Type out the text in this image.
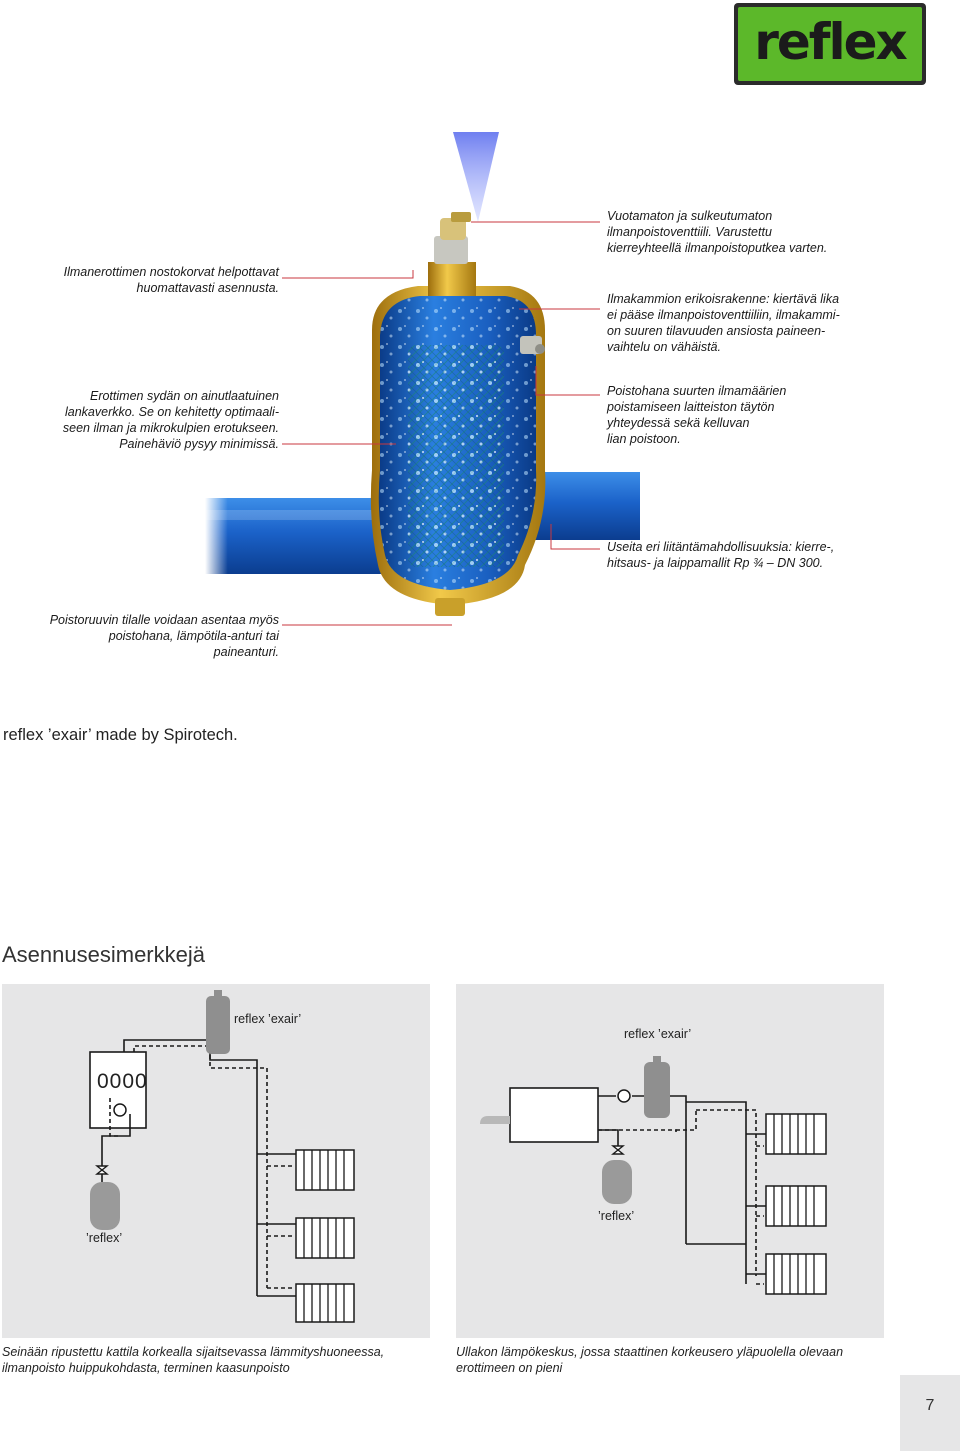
reflex

Ilmanerottimen nostokorvat helpottavat
huomattavasti asennusta.

Erottimen sydän on ainutlaatuinen
lankaverkko. Se on kehitetty optimaali-
seen ilman ja mikrokulpien erotukseen.
Painehäviö pysyy minimissä.

Poistoruuvin tilalle voidaan asentaa myös
poistohana, lämpötila-anturi tai
paineanturi.

Vuotamaton ja sulkeutumaton
ilmanpoistoventtiili. Varustettu
kierreyhteellä ilmanpoistoputkea varten.

Ilmakammion erikoisrakenne: kiertävä lika
ei pääse ilmanpoistoventtiiliin, ilmakammi-
on suuren tilavuuden ansiosta paineen-
vaihtelu on vähäistä.

Poistohana suurten ilmamäärien
poistamiseen laitteiston täytön
yhteydessä sekä kelluvan
lian poistoon.

Useita eri liitäntämahdollisuuksia: kierre-,
hitsaus- ja laippamallit Rp ¾ – DN 300.

reflex ’exair’ made by Spirotech.
Asennusesimerkkejä
0000
reflex ’exair’
’reflex’
reflex ’exair’
’reflex’

Seinään ripustettu kattila korkealla sijaitsevassa lämmityshuoneessa,
ilmanpoisto huippukohdasta, terminen kaasunpoisto

Ullakon lämpökeskus, jossa staattinen korkeusero yläpuolella olevaan
erottimeen on pieni

7
